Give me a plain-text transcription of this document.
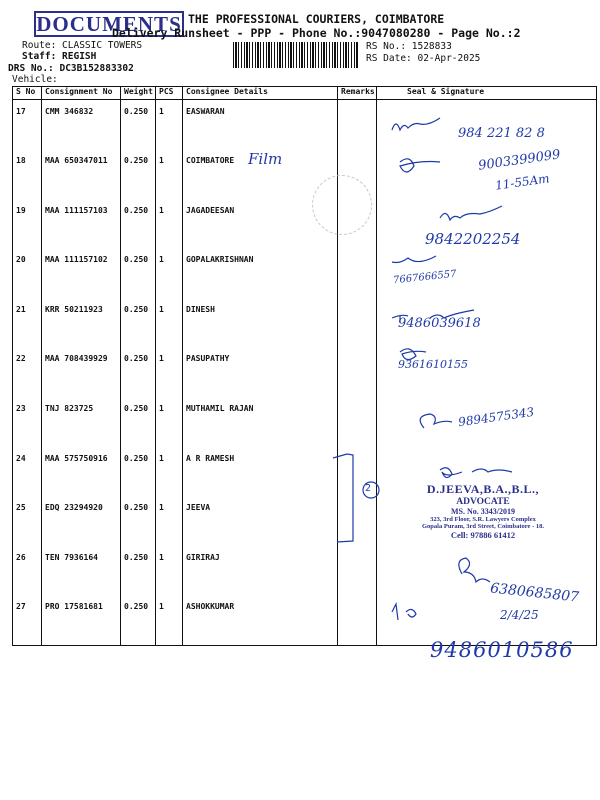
DOCUMENTS THE PROFESSIONAL COURIERS, COIMBATORE
Delivery Runsheet - PPP - Phone No.:9047080280 - Page No.:2
Route: CLASSIC TOWERS
Staff: REGISH
DRS No.: DC3B152883302
Vehicle:
RS No.: 1528833
RS Date: 02-Apr-2025
S No	Consignment No	Weight	PCS	Consignee Details	Remarks	Seal & Signature
17	CMM 346832	0.250	1	EASWARAN		
18	MAA 650347011	0.250	1	COIMBATORE		
19	MAA 111157103	0.250	1	JAGADEESAN		
20	MAA 111157102	0.250	1	GOPALAKRISHNAN		
21	KRR 50211923	0.250	1	DINESH		
22	MAA 708439929	0.250	1	PASUPATHY		
23	TNJ 823725	0.250	1	MUTHAMIL RAJAN		
24	MAA 575750916	0.250	1	A R RAMESH		
25	EDQ 23294920	0.250	1	JEEVA		
26	TEN 7936164	0.250	1	GIRIRAJ		
27	PRO 17581681	0.250	1	ASHOKKUMAR		
984 221 82 8
Film	9003399099
11-55Am
9842202254
7667666557
9486039618
9361610155
9894575343
2	D.JEEVA,B.A.,B.L.,
ADVOCATE
MS. No. 3343/2019
323, 3rd Floor, S.R. Lawyers Complex
Gopala Puram, 3rd Street, Coimbatore - 18.
Cell: 97886 61412
6380685807
2/4/25
9486010586
